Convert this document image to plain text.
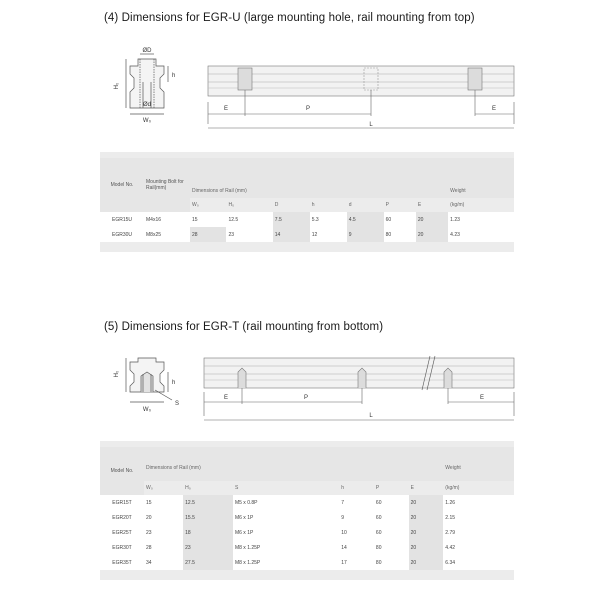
(4) Dimensions for EGR-U (large mounting hole, rail mounting from top)
ØD
h
H₀
Ød
W₀
E	P	E
L

Model No.	Mounting Bolt for Rail(mm)	Dimensions of Rail (mm)							Weight
		W₀	H₀	D	h	d	P	E	(kg/m)
EGR15U	M4x16	15	12.5	7.5	5.3	4.5	60	20	1.23
EGR30U	M8x25	28	23	14	12	9	80	20	4.23

(5) Dimensions for EGR-T (rail mounting from bottom)
H₀
h
W₀
S
E	P	E
L

Model No.	Dimensions of Rail (mm)						Weight
	W₀	H₀	S	h	P	E	(kg/m)
EGR15T	15	12.5	M5 x 0.8P	7	60	20	1.26
EGR20T	20	15.5	M6 x 1P	9	60	20	2.15
EGR25T	23	18	M6 x 1P	10	60	20	2.79
EGR30T	28	23	M8 x 1.25P	14	80	20	4.42
EGR35T	34	27.5	M8 x 1.25P	17	80	20	6.34
